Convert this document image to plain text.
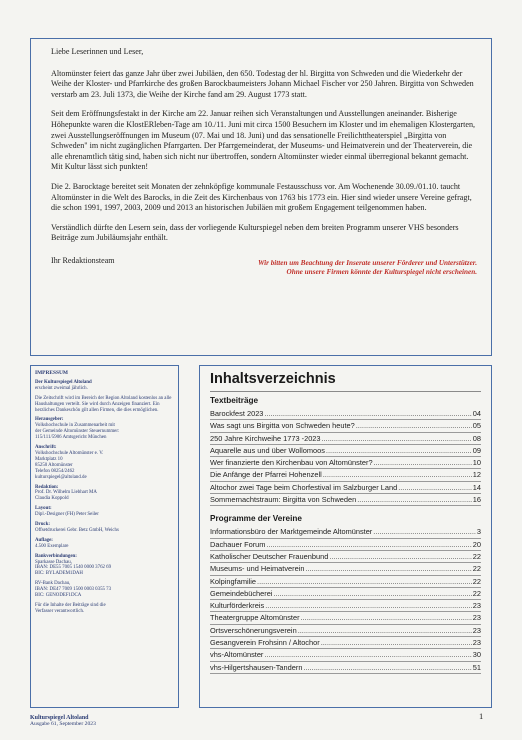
Liebe Leserinnen und Leser,

Altomünster feiert das ganze Jahr über zwei Jubiläen, den 650. Todestag der hl. Birgitta von Schweden und die Wiederkehr der Weihe der Kloster- und Pfarrkirche des großen Barockbaumeisters Johann Michael Fischer vor 250 Jahren. Birgitta von Schweden verstarb am 23. Juli 1373, die Weihe der Kirche fand am 29. August 1773 statt.

Seit dem Eröffnungsfestakt in der Kirche am 22. Januar reihen sich Veranstaltungen und Ausstellungen aneinander. Bisherige Höhepunkte waren die KlostERleben-Tage am 10./11. Juni mit circa 1500 Besuchern im Kloster und im ehemaligen Klostergarten, zwei Ausstellungseröffnungen im Museum (07. Mai und 18. Juni) und das sensationelle Freilichttheaterspiel „Birgitta von Schweden" im nicht zugänglichen Pfarrgarten. Der Pfarrgemeinderat, der Museums- und Heimatverein und der Theaterverein, die alle ehrenamtlich tätig sind, haben sich nicht nur übertroffen, sondern Altomünster wieder einmal überregional bekannt gemacht. Mit Kultur lässt sich punkten!

Die 2. Barocktage bereitet seit Monaten der zehnköpfige kommunale Festausschuss vor. Am Wochenende 30.09./01.10. taucht Altomünster in die Welt des Barocks, in die Zeit des Kirchenbaus von 1763 bis 1773 ein. Hier sind wieder unsere Vereine gefragt, die schon 1991, 1997, 2003, 2009 und 2013 an historischen Jubiläen mit großem Engagement teilgenommen haben.

Verständlich dürfte den Lesern sein, dass der vorliegende Kulturspiegel neben dem breiten Programm unserer VHS besonders Beiträge zum Jubiläumsjahr enthält.

Ihr Redaktionsteam	Wir bitten um Beachtung der Inserate unserer Förderer und Unterstützer.
Ohne unsere Firmen könnte der Kulturspiegel nicht erscheinen.
IMPRESSUM
Der Kulturspiegel Altoland
erscheint zweimal jährlich.
Die Zeitschrift wird im Bereich der Region Altoland kostenlos an alle Haushaltungen verteilt. Sie wird durch Anzeigen finanziert. Ein herzliches Dankeschön gilt allen Firmen, die dies ermöglichen.
Herausgeber:
Volkshochschule in Zusammenarbeit mit
der Gemeinde Altomünster Steuernummer:
115/111/5906 Amtsgericht München
Anschrift:
Volkshochschule Altomünster e. V.
Marktplatz 10
85250 Altomünster
Telefon 08254/2462
kulturspiegel@altoland.de
Redaktion:
Prof. Dr. Wilhelm Liebhart MA
Claudia Koppold
Layout:
Dipl.-Designer (FH) Peter Seiler
Druck:
Offsetdruckerei Gebr. Betz GmbH, Weichs
Auflage:
4.500 Exemplare
Bankverbindungen:
Sparkasse Dachau,
IBAN: DE55 7005 1540 0000 3762 69
BIC: BYLADEM1DAH
RV-Bank Dachau,
IBAN: DE47 7009 1500 0003 0355 73
BIC: GENODEF1DCA
Für die Inhalte der Beiträge sind die
Verfasser verantwortlich.
Inhaltsverzeichnis
Textbeiträge
Barockfest 2023 .....	04
Was sagt uns Birgitta von Schweden heute? .....	05
250 Jahre Kirchweihe 1773 -2023 .....	08
Aquarelle aus und über Wollomoos .....	09
Wer finanzierte den Kirchenbau von Altomünster? .....	10
Die Anfänge der Pfarrei Hohenzell .....	12
Altochor zwei Tage beim Chorfestival im Salzburger Land .....	14
Sommernachtstraum: Birgitta von Schweden .....	16
Programme der Vereine
Informationsbüro der Marktgemeinde Altomünster .....	3
Dachauer Forum .....	20
Katholischer Deutscher Frauenbund .....	22
Museums- und Heimatverein .....	22
Kolpingfamilie .....	22
Gemeindebücherei .....	22
Kulturförderkreis .....	23
Theatergruppe Altomünster .....	23
Ortsverschönerungsverein .....	23
Gesangverein Frohsinn / Altochor .....	23
vhs-Altomünster .....	30
vhs-Hilgertshausen-Tandern .....	51
Kulturspiegel Altoland
Ausgabe 61, September 2023
1
